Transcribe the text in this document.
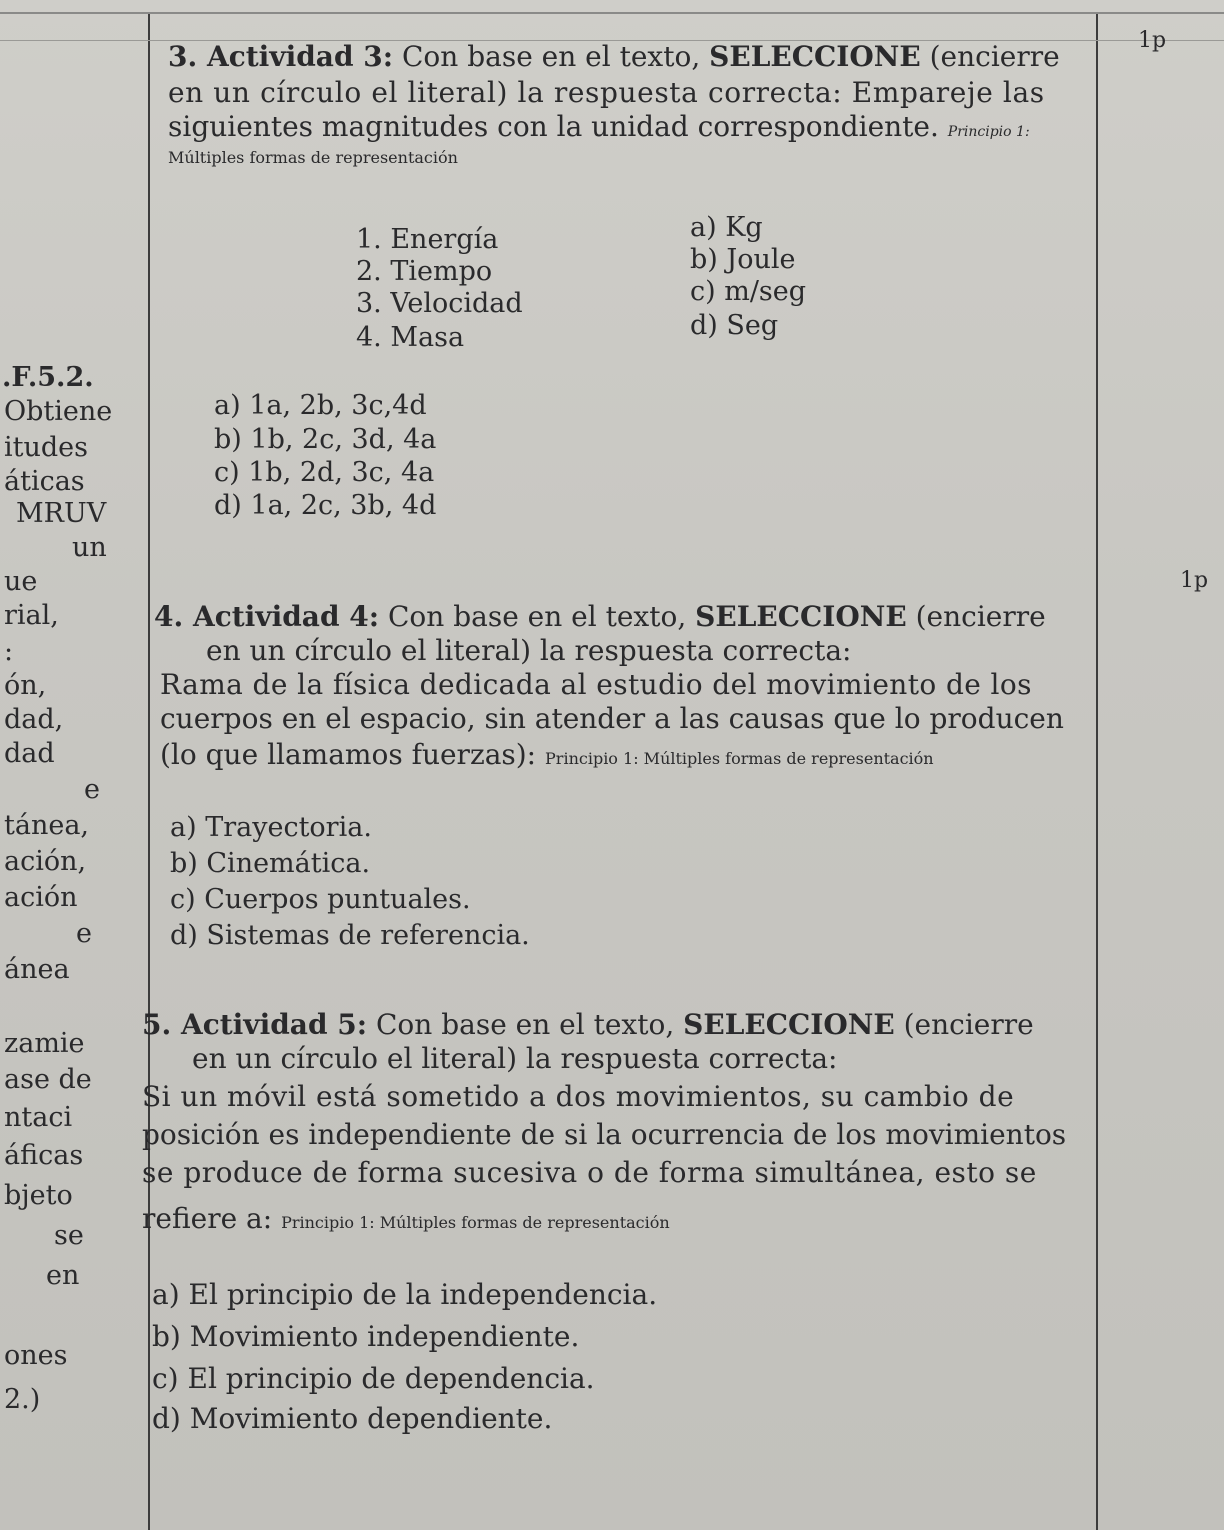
3. Actividad 3: Con base en el texto, SELECCIONE (encierre
en un círculo el literal) la respuesta correcta: Empareje las
siguientes magnitudes con la unidad correspondiente. Principio 1:
Múltiples formas de representación
1. Energía
2. Tiempo
3. Velocidad
4. Masa
a) Kg
b) Joule
c) m/seg
d) Seg
a) 1a, 2b, 3c,4d
b) 1b, 2c, 3d, 4a
c) 1b, 2d, 3c, 4a
d) 1a, 2c, 3b, 4d
1p
4. Actividad 4: Con base en el texto, SELECCIONE (encierre
en un círculo el literal) la respuesta correcta:
Rama de la física dedicada al estudio del movimiento de los
cuerpos en el espacio, sin atender a las causas que lo producen
(lo que llamamos fuerzas): Principio 1: Múltiples formas de representación
a) Trayectoria.
b) Cinemática.
c) Cuerpos puntuales.
d) Sistemas de referencia.
1p
5. Actividad 5: Con base en el texto, SELECCIONE (encierre
en un círculo el literal) la respuesta correcta:
Si un móvil está sometido a dos movimientos, su cambio de
posición es independiente de si la ocurrencia de los movimientos
se produce de forma sucesiva o de forma simultánea, esto se
refiere a: Principio 1: Múltiples formas de representación
a) El principio de la independencia.
b) Movimiento independiente.
c) El principio de dependencia.
d) Movimiento dependiente.
.F.5.2.
Obtiene
itudes
áticas
MRUV
un
ue
rial,
:
ón,
dad,
dad
e
tánea,
ación,
ación
e
ánea
zamie
ase de
ntaci
áficas
bjeto
se
en
ones
2.)
